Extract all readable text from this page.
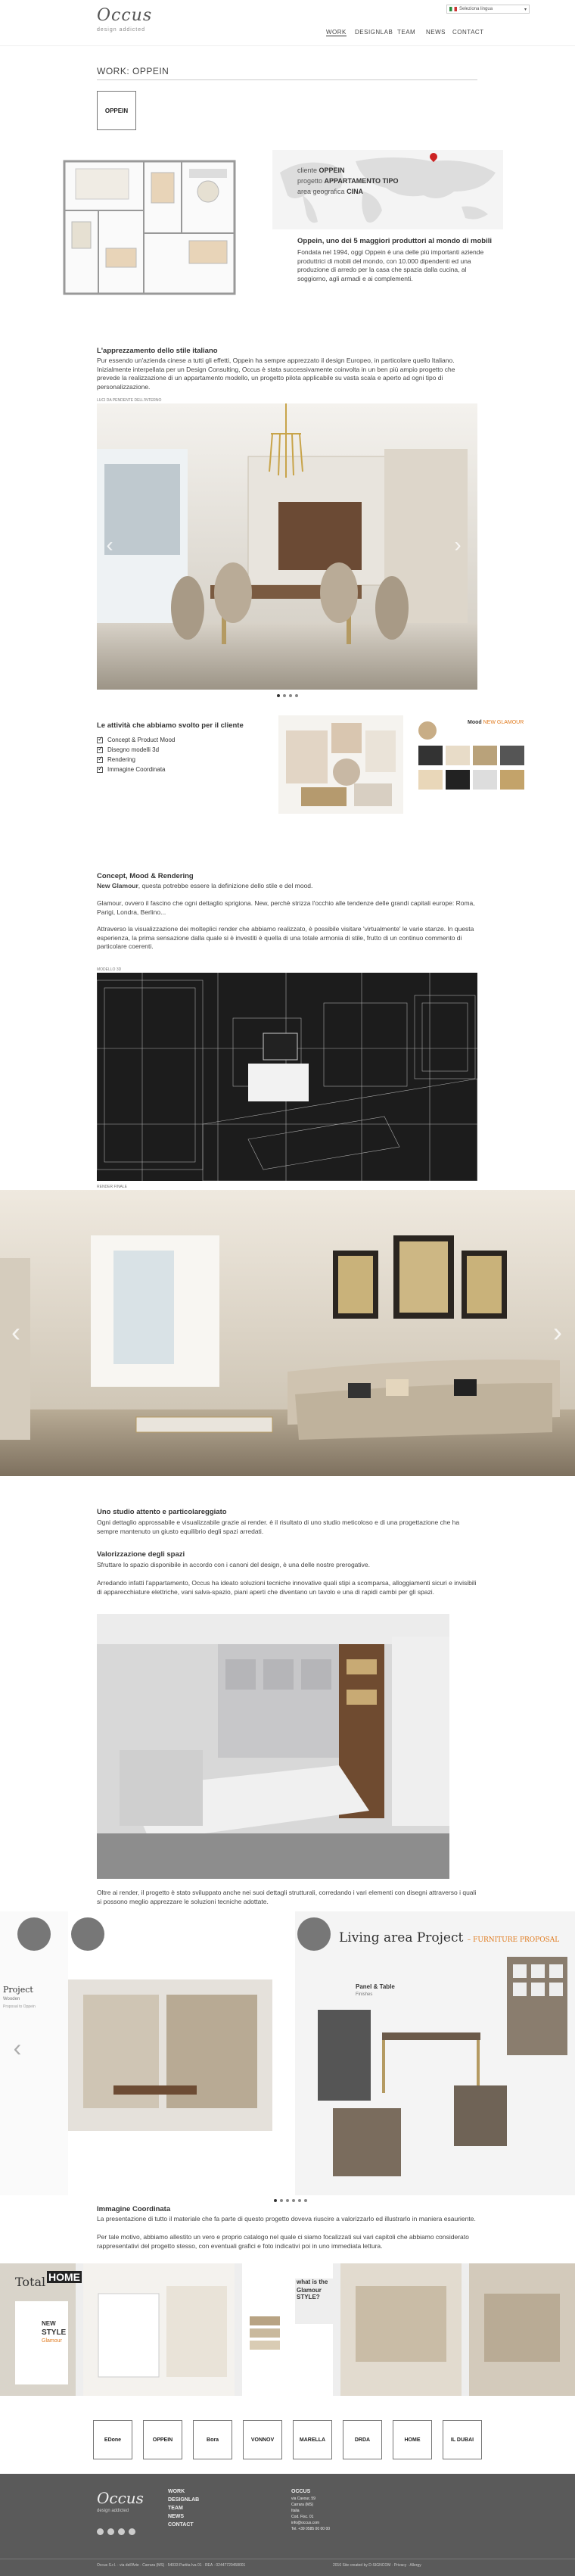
Occus
design addicted	WORK DESIGNLAB TEAM NEWS CONTACT
Seleziona lingua	▾
WORK: OPPEIN
OPPEIN
cliente OPPEIN
progetto APPARTAMENTO TIPO
area geografica CINA
Oppein, uno dei 5 maggiori produttori al mondo di mobili
Fondata nel 1994, oggi Oppein è una delle più importanti aziende produttrici di mobili del mondo, con 10.000 dipendenti ed una produzione di arredo per la casa che spazia dalla cucina, al soggiorno, agli armadi e ai complementi.
L'apprezzamento dello stile italiano
Pur essendo un'azienda cinese a tutti gli effetti, Oppein ha sempre apprezzato il design Europeo, in particolare quello Italiano. Inizialmente interpellata per un Design Consulting, Occus è stata successivamente coinvolta in un ben più ampio progetto che prevede la realizzazione di un appartamento modello, un progetto pilota applicabile su vasta scala e aperto ad ogni tipo di personalizzazione.
LUCI DA PENDENTE DELL'INTERNO
‹	›
Le attività che abbiamo svolto per il cliente
✓
Concept & Product Mood
✓
Disegno modelli 3d
✓
Rendering
✓
Immagine Coordinata
Mood NEW GLAMOUR
Concept, Mood & Rendering
New Glamour, questa potrebbe essere la definizione dello stile e del mood.
Glamour, ovvero il fascino che ogni dettaglio sprigiona. New, perchè strizza l'occhio alle tendenze delle grandi capitali europe: Roma, Parigi, Londra, Berlino...
Attraverso la visualizzazione dei molteplici render che abbiamo realizzato, è possibile visitare 'virtualmente' le varie stanze. In questa esperienza, la prima sensazione dalla quale si è investiti è quella di una totale armonia di stile, frutto di un continuo commento di particolare coerenti.
MODELLO 3D
RENDER FINALE
‹	›
Uno studio attento e particolareggiato
Ogni dettaglio approssabile e visualizzabile grazie ai render. è il risultato di uno studio meticoloso e di una progettazione che ha sempre mantenuto un giusto equilibrio degli spazi arredati.
Valorizzazione degli spazi
Sfruttare lo spazio disponibile in accordo con i canoni del design, è una delle nostre prerogative.
Arredando infatti l'appartamento, Occus ha ideato soluzioni tecniche innovative quali stipi a scomparsa, alloggiamenti sicuri e invisibili di apparecchiature elettriche, vani salva-spazio, piani aperti che diventano un tavolo e una di rapidi cambi per gli spazi.
Oltre ai render, il progetto è stato sviluppato anche nei suoi dettagli strutturali, corredando i vari elementi con disegni attraverso i quali si possono meglio apprezzare le soluzioni tecniche adottate.
Living area Project – FURNITURE PROPOSAL
Panel & Table
Finishes
Project
Wooden
Proposal to Oppein
‹
Immagine Coordinata
La presentazione di tutto il materiale che fa parte di questo progetto doveva riuscire a valorizzarlo ed illustrarlo in maniera esauriente.
Per tale motivo, abbiamo allestito un vero e proprio catalogo nel quale ci siamo focalizzati sui vari capitoli che abbiamo considerato rappresentativi del progetto stesso, con eventuali grafici e foto indicativi poi in uno immediata lettura.
Total HOME
NEW
STYLE
Glamour
what is the
Glamour STYLE?
EDone	OPPEIN	Bora	VONNOV	MARELLA	DRDA	HOME	IL DUBAI
Occus
design addicted
WORK
DESIGNLAB
TEAM
NEWS
CONTACT
OCCUS
via Cavour, 59
Carrara (MS)
Italia
Cod. Fisc. 01
info@occus.com
Tel. +39 0585 00 00 00
Occus S.r.l. · via dell'Arte · Carrara (MS) · 54033 Partita Iva 01 · REA · 02447720458001	2016 Site created by D-SIGNCOM · Privacy · Allergy
